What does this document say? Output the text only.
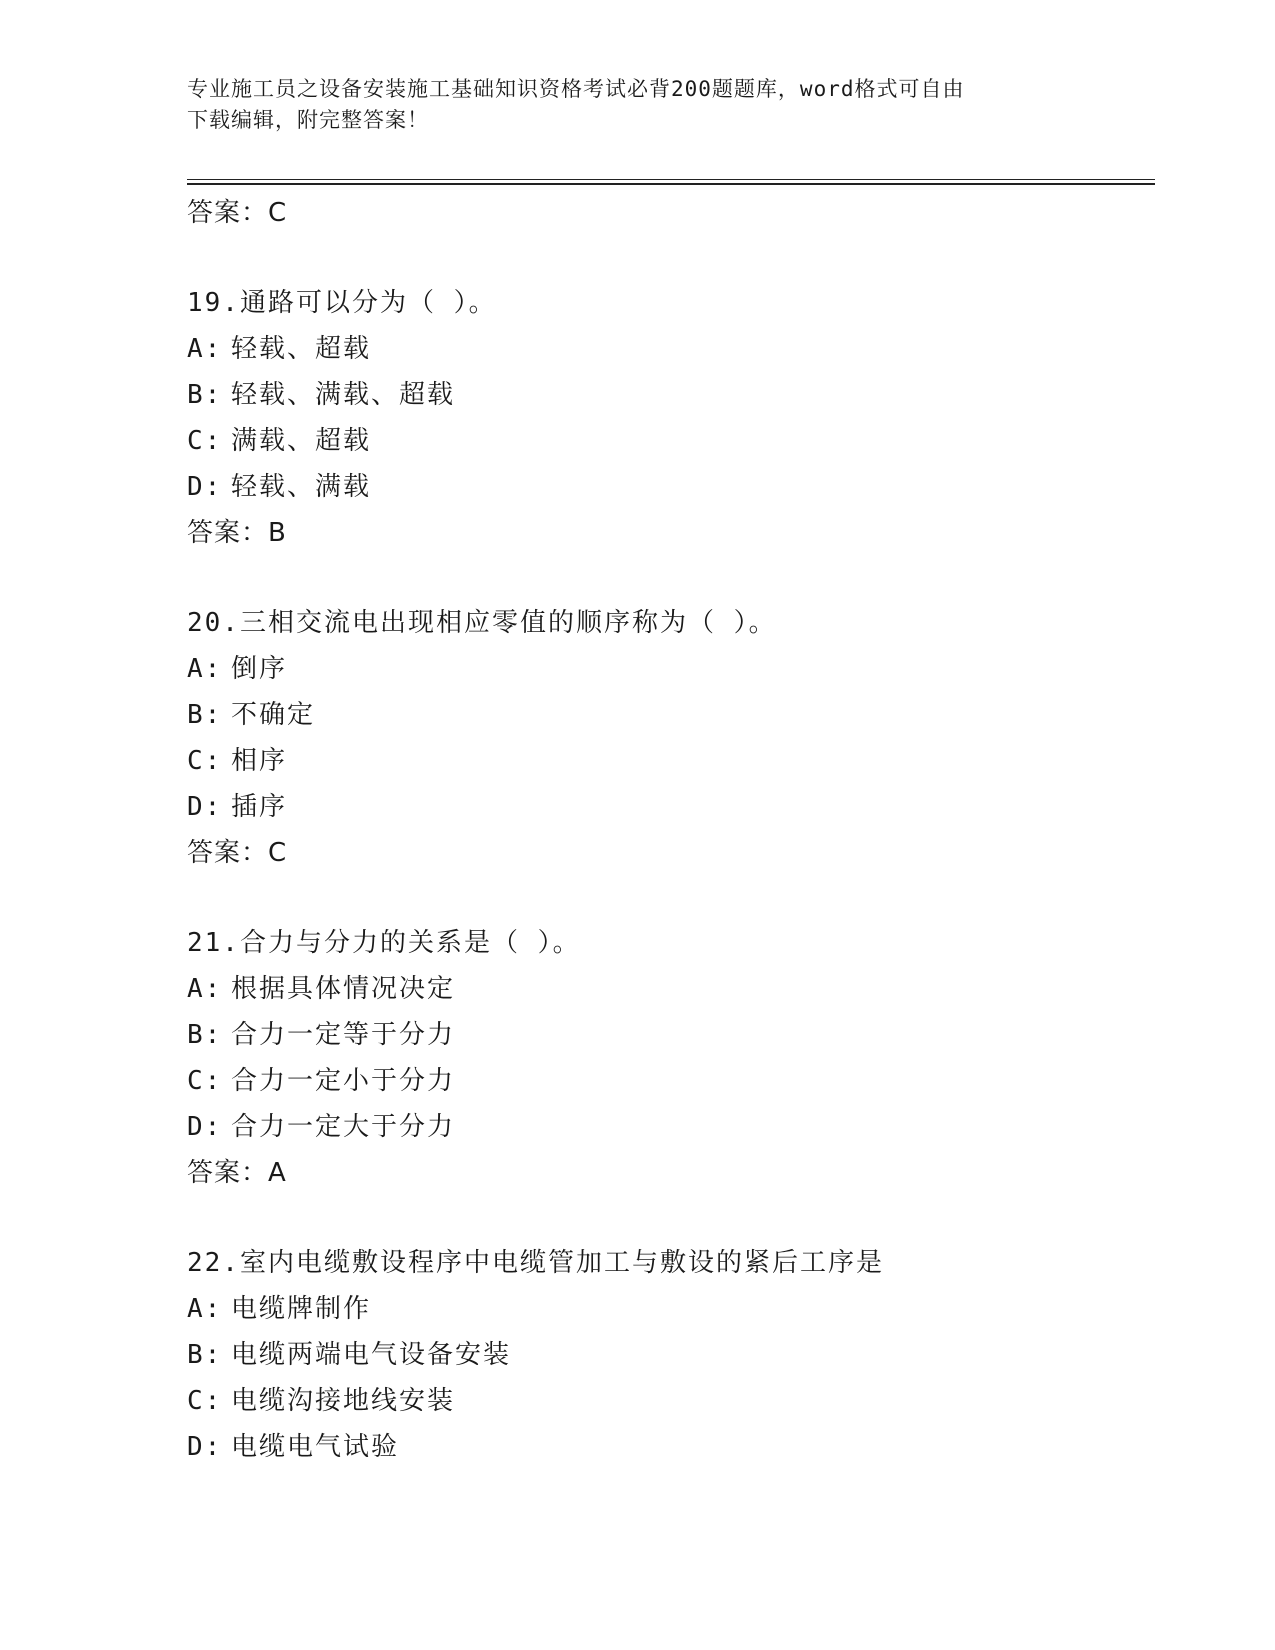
专业施工员之设备安装施工基础知识资格考试必背200题题库，word格式可自由
下载编辑，附完整答案！
答案：C
19.通路可以分为（ ）。
A: 轻载、超载
B: 轻载、满载、超载
C: 满载、超载
D: 轻载、满载
答案：B
20.三相交流电出现相应零值的顺序称为（ ）。
A: 倒序
B: 不确定
C: 相序
D: 插序
答案：C
21.合力与分力的关系是（ ）。
A: 根据具体情况决定
B: 合力一定等于分力
C: 合力一定小于分力
D: 合力一定大于分力
答案：A
22.室内电缆敷设程序中电缆管加工与敷设的紧后工序是
A: 电缆牌制作
B: 电缆两端电气设备安装
C: 电缆沟接地线安装
D: 电缆电气试验
